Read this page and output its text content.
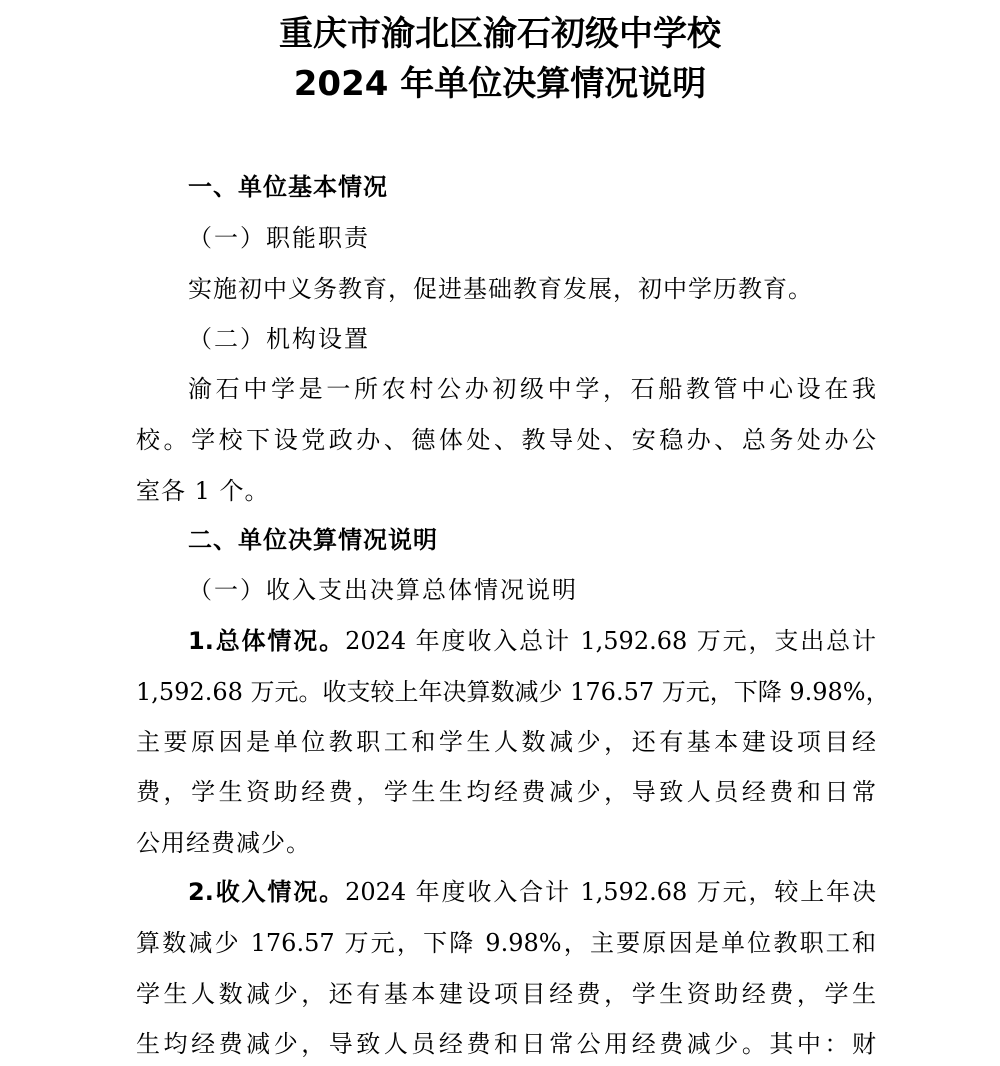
重庆市渝北区渝石初级中学校
2024 年单位决算情况说明

一、单位基本情况

（一）职能职责

实施初中义务教育，促进基础教育发展，初中学历教育。

（二）机构设置

渝石中学是一所农村公办初级中学，石船教管中心设在我

校。学校下设党政办、德体处、教导处、安稳办、总务处办公

室各 1 个。

二、单位决算情况说明

（一）收入支出决算总体情况说明

1.总体情况。2024 年度收入总计 1,592.68 万元，支出总计

1,592.68 万元。收支较上年决算数减少 176.57 万元，下降 9.98%，

主要原因是单位教职工和学生人数减少，还有基本建设项目经

费，学生资助经费，学生生均经费减少，导致人员经费和日常

公用经费减少。

2.收入情况。2024 年度收入合计 1,592.68 万元，较上年决

算数减少 176.57 万元，下降 9.98%，主要原因是单位教职工和

学生人数减少，还有基本建设项目经费，学生资助经费，学生

生均经费减少，导致人员经费和日常公用经费减少。其中：财
